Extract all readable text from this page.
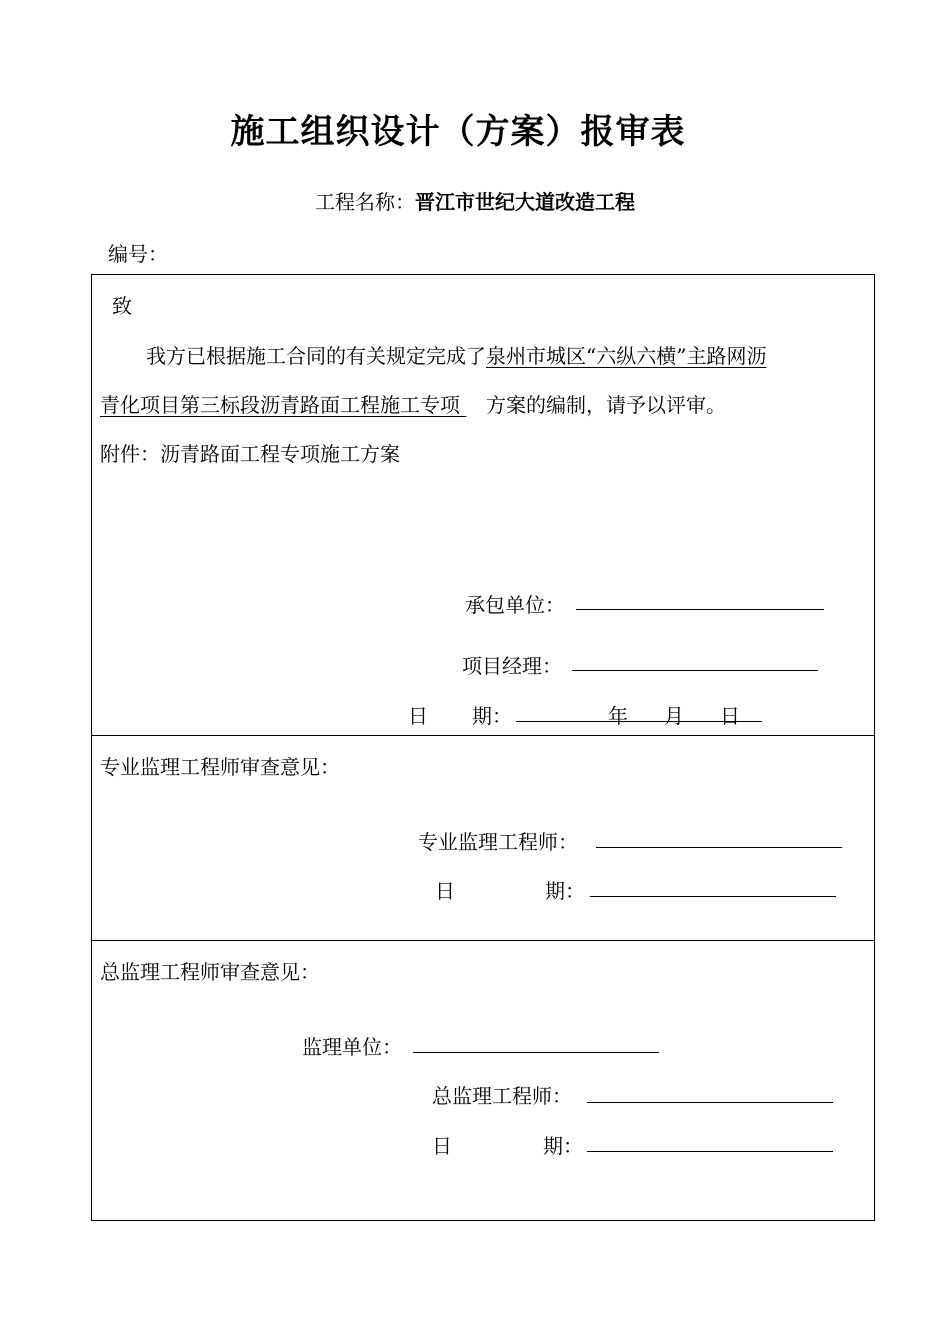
施工组织设计（方案）报审表
工程名称：晋江市世纪大道改造工程
编号：
致
我方已根据施工合同的有关规定完成了泉州市城区“六纵六横”主路网沥
青化项目第三标段沥青路面工程施工专项 方案的编制，请予以评审。
附件：沥青路面工程专项施工方案
承包单位：
项目经理：
日 期：	年 月 日
专业监理工程师审查意见：
专业监理工程师：
日	期：
总监理工程师审查意见：
监理单位：
总监理工程师：
日	期：
